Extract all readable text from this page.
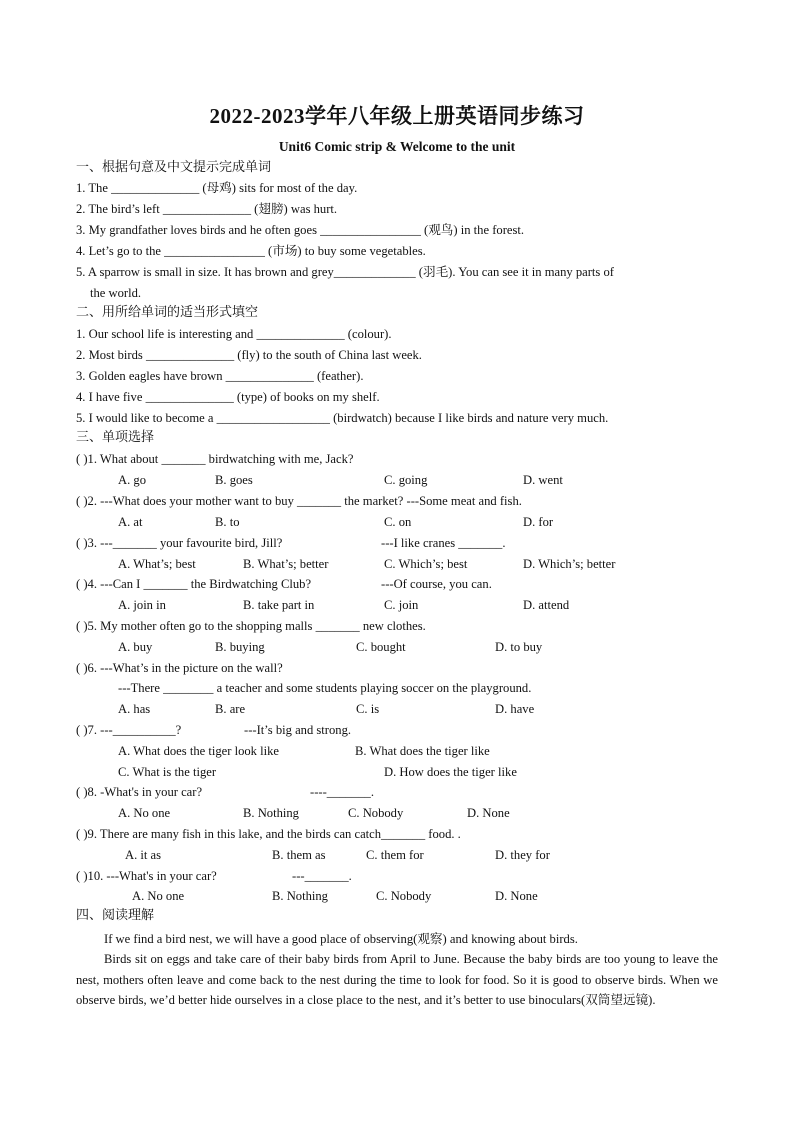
2022-2023学年八年级上册英语同步练习
Unit6 Comic strip & Welcome to the unit
一、根据句意及中文提示完成单词
1. The ______________ (母鸡) sits for most of the day.
2. The bird’s left ______________ (翅膀) was hurt.
3. My grandfather loves birds and he often goes ________________ (观鸟) in the forest.
4. Let’s go to the ________________ (市场) to buy some vegetables.
5. A sparrow is small in size. It has brown and grey_____________ (羽毛). You can see it in many parts of
the world.
二、用所给单词的适当形式填空
1. Our school life is interesting and ______________ (colour).
2. Most birds ______________ (fly) to the south of China last week.
3. Golden eagles have brown ______________ (feather).
4. I have five ______________ (type) of books on my shelf.
5. I would like to become a __________________ (birdwatch) because I like birds and nature very much.
三、单项选择
( )1. What about _______ birdwatching with me, Jack?
A. go	B. goes	C. going	D. went
( )2. ---What does your mother want to buy _______ the market? ---Some meat and fish.
A. at	B. to	C. on	D. for
( )3. ---_______ your favourite bird, Jill?	---I like cranes _______.
A. What’s; best	B. What’s; better	C. Which’s; best	D. Which’s; better
( )4. ---Can I _______ the Birdwatching Club?	---Of course, you can.
A. join in	B. take part in	C. join	D. attend
( )5. My mother often go to the shopping malls _______ new clothes.
A. buy	B. buying	C. bought	D. to buy
( )6. ---What’s in the picture on the wall?
---There ________ a teacher and some students playing soccer on the playground.
A. has	B. are	C. is	D. have
( )7. ---__________?	---It’s big and strong.
A. What does the tiger look like	B. What does the tiger like
C. What is the tiger	D. How does the tiger like
( )8. -What's in your car?	----_______.
A. No one	B. Nothing	C. Nobody	D. None
( )9. There are many fish in this lake, and the birds can catch_______ food. .
A. it as	B. them as	C. them for	D. they for
( )10. ---What's in your car?	---_______.
A. No one	B. Nothing	C. Nobody	D. None
四、阅读理解
If we find a bird nest, we will have a good place of observing(观察) and knowing about birds.
Birds sit on eggs and take care of their baby birds from April to June. Because the baby birds are too young to leave the nest, mothers often leave and come back to the nest during the time to look for food. So it is good to observe birds. When we observe birds, we’d better hide ourselves in a close place to the nest, and it’s better to use binoculars(双筒望远镜).
